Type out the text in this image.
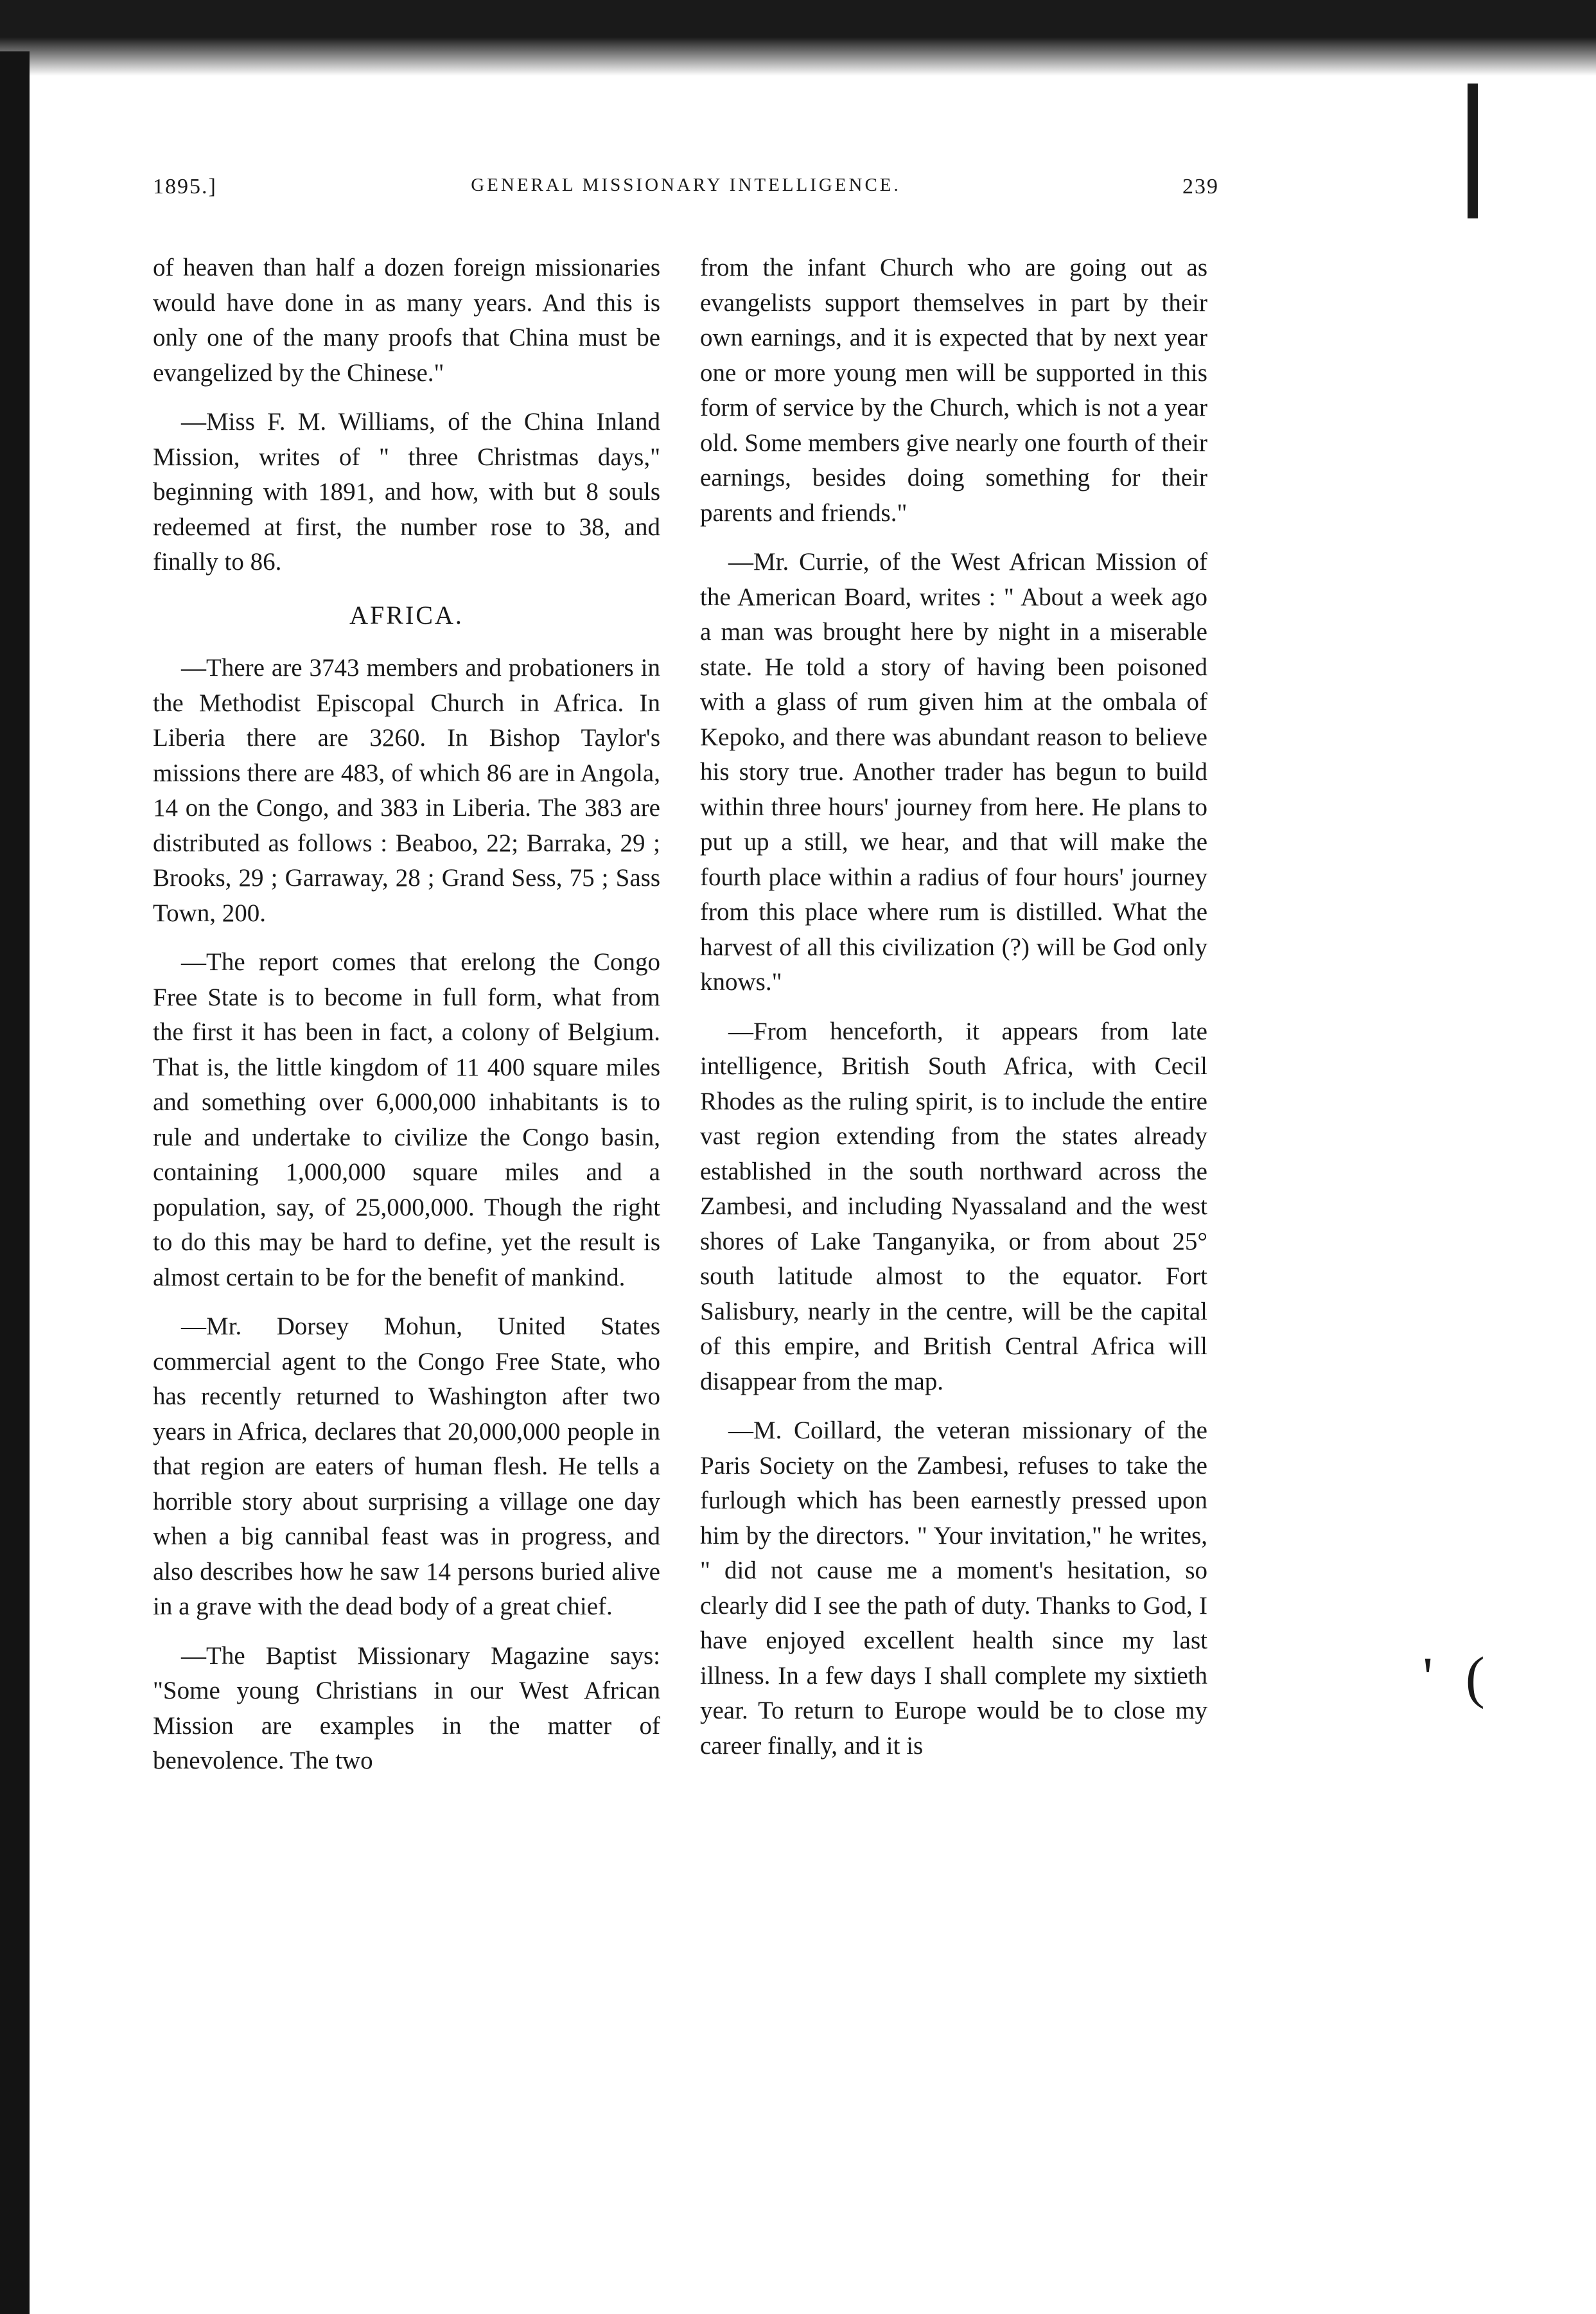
1895.]	GENERAL MISSIONARY INTELLIGENCE.	239

of heaven than half a dozen foreign missionaries would have done in as many years. And this is only one of the many proofs that China must be evangelized by the Chinese."

—Miss F. M. Williams, of the China Inland Mission, writes of " three Christmas days," beginning with 1891, and how, with but 8 souls redeemed at first, the number rose to 38, and finally to 86.

AFRICA.

—There are 3743 members and probationers in the Methodist Episcopal Church in Africa. In Liberia there are 3260. In Bishop Taylor's missions there are 483, of which 86 are in Angola, 14 on the Congo, and 383 in Liberia. The 383 are distributed as follows : Beaboo, 22; Barraka, 29 ; Brooks, 29 ; Garraway, 28 ; Grand Sess, 75 ; Sass Town, 200.

—The report comes that erelong the Congo Free State is to become in full form, what from the first it has been in fact, a colony of Belgium. That is, the little kingdom of 11 400 square miles and something over 6,000,000 inhabitants is to rule and undertake to civilize the Congo basin, containing 1,000,000 square miles and a population, say, of 25,000,000. Though the right to do this may be hard to define, yet the result is almost certain to be for the benefit of mankind.

—Mr. Dorsey Mohun, United States commercial agent to the Congo Free State, who has recently returned to Washington after two years in Africa, declares that 20,000,000 people in that region are eaters of human flesh. He tells a horrible story about surprising a village one day when a big cannibal feast was in progress, and also describes how he saw 14 persons buried alive in a grave with the dead body of a great chief.

—The Baptist Missionary Magazine says: "Some young Christians in our West African Mission are examples in the matter of benevolence. The two

from the infant Church who are going out as evangelists support themselves in part by their own earnings, and it is expected that by next year one or more young men will be supported in this form of service by the Church, which is not a year old. Some members give nearly one fourth of their earnings, besides doing something for their parents and friends."

—Mr. Currie, of the West African Mission of the American Board, writes : " About a week ago a man was brought here by night in a miserable state. He told a story of having been poisoned with a glass of rum given him at the ombala of Kepoko, and there was abundant reason to believe his story true. Another trader has begun to build within three hours' journey from here. He plans to put up a still, we hear, and that will make the fourth place within a radius of four hours' journey from this place where rum is distilled. What the harvest of all this civilization (?) will be God only knows."

—From henceforth, it appears from late intelligence, British South Africa, with Cecil Rhodes as the ruling spirit, is to include the entire vast region extending from the states already established in the south northward across the Zambesi, and including Nyassaland and the west shores of Lake Tanganyika, or from about 25° south latitude almost to the equator. Fort Salisbury, nearly in the centre, will be the capital of this empire, and British Central Africa will disappear from the map.

—M. Coillard, the veteran missionary of the Paris Society on the Zambesi, refuses to take the furlough which has been earnestly pressed upon him by the directors. " Your invitation," he writes, " did not cause me a moment's hesitation, so clearly did I see the path of duty. Thanks to God, I have enjoyed excellent health since my last illness. In a few days I shall complete my sixtieth year. To return to Europe would be to close my career finally, and it is

' (
